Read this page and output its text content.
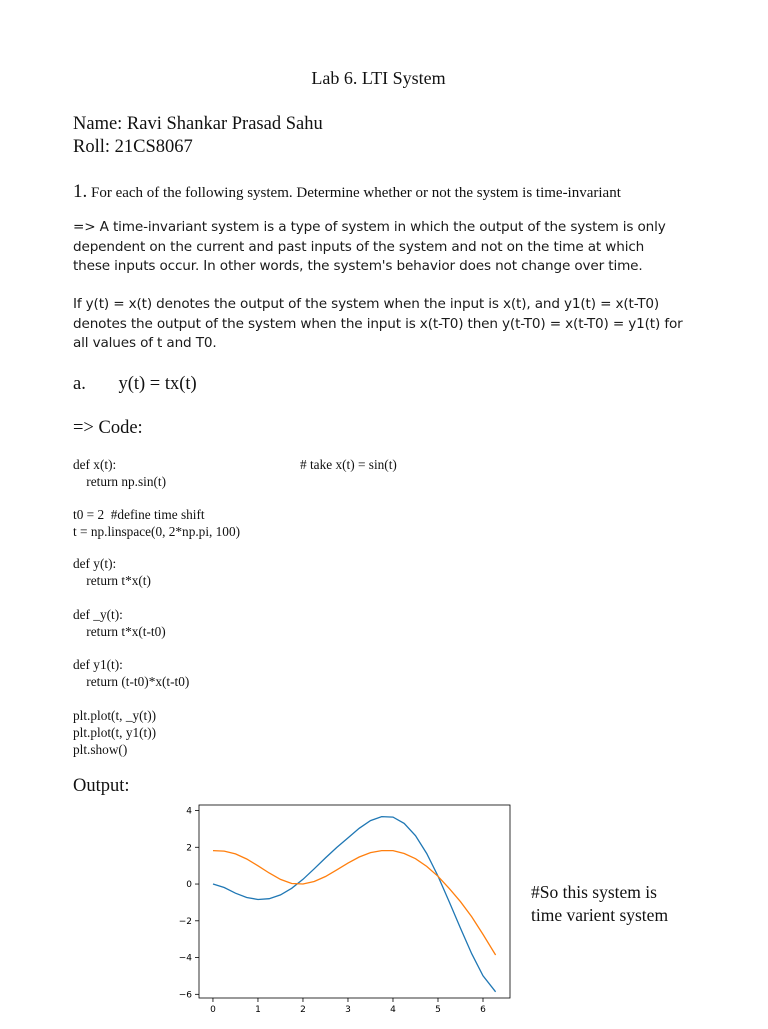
Lab 6. LTI System
Name: Ravi Shankar Prasad Sahu
Roll: 21CS8067
1. For each of the following system. Determine whether or not the system is time-invariant
=> A time-invariant system is a type of system in which the output of the system is only
dependent on the current and past inputs of the system and not on the time at which
these inputs occur. In other words, the system's behavior does not change over time.
If y(t) = x(t) denotes the output of the system when the input is x(t), and y1(t) = x(t-T0)
denotes the output of the system when the input is x(t-T0) then y(t-T0) = x(t-T0) = y1(t) for
all values of t and T0.
a. y(t) = tx(t)
=> Code:
def x(t):
return np.sin(t)
# take x(t) = sin(t)
t0 = 2  #define time shift
t = np.linspace(0, 2*np.pi, 100)
def y(t):
return t*x(t)
def _y(t):
return t*x(t-t0)
def y1(t):
return (t-t0)*x(t-t0)
plt.plot(t, _y(t))
plt.plot(t, y1(t))
plt.show()
Output:
0	1	2	3	4	5	6
4
2
0
−2
−4
−6
#So this system is
time varient system
